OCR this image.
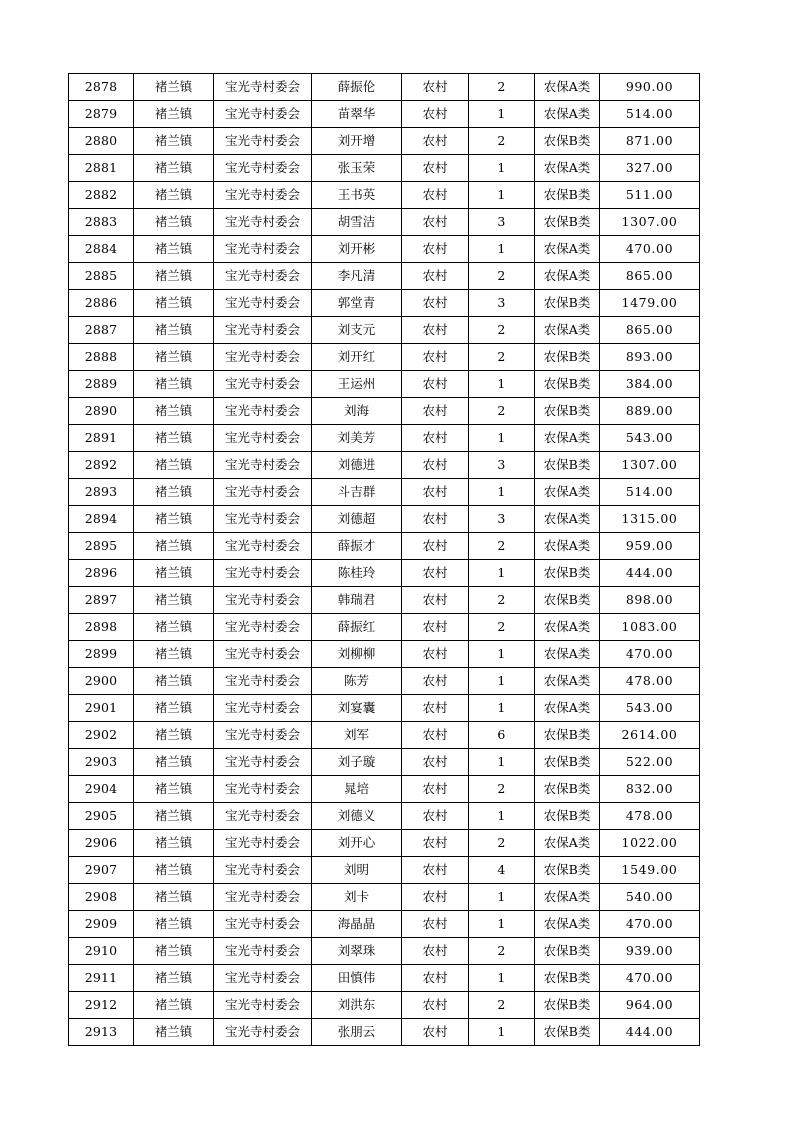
2878	褚兰镇	宝光寺村委会	薛振伦	农村	2	农保A类	990.00
2879	褚兰镇	宝光寺村委会	苗翠华	农村	1	农保A类	514.00
2880	褚兰镇	宝光寺村委会	刘开增	农村	2	农保B类	871.00
2881	褚兰镇	宝光寺村委会	张玉荣	农村	1	农保A类	327.00
2882	褚兰镇	宝光寺村委会	王书英	农村	1	农保B类	511.00
2883	褚兰镇	宝光寺村委会	胡雪洁	农村	3	农保B类	1307.00
2884	褚兰镇	宝光寺村委会	刘开彬	农村	1	农保A类	470.00
2885	褚兰镇	宝光寺村委会	李凡清	农村	2	农保A类	865.00
2886	褚兰镇	宝光寺村委会	郭堂青	农村	3	农保B类	1479.00
2887	褚兰镇	宝光寺村委会	刘支元	农村	2	农保A类	865.00
2888	褚兰镇	宝光寺村委会	刘开红	农村	2	农保B类	893.00
2889	褚兰镇	宝光寺村委会	王运州	农村	1	农保B类	384.00
2890	褚兰镇	宝光寺村委会	刘海	农村	2	农保B类	889.00
2891	褚兰镇	宝光寺村委会	刘美芳	农村	1	农保A类	543.00
2892	褚兰镇	宝光寺村委会	刘德进	农村	3	农保B类	1307.00
2893	褚兰镇	宝光寺村委会	斗吉群	农村	1	农保A类	514.00
2894	褚兰镇	宝光寺村委会	刘德超	农村	3	农保A类	1315.00
2895	褚兰镇	宝光寺村委会	薛振才	农村	2	农保A类	959.00
2896	褚兰镇	宝光寺村委会	陈桂玲	农村	1	农保B类	444.00
2897	褚兰镇	宝光寺村委会	韩瑞君	农村	2	农保B类	898.00
2898	褚兰镇	宝光寺村委会	薛振红	农村	2	农保A类	1083.00
2899	褚兰镇	宝光寺村委会	刘柳柳	农村	1	农保A类	470.00
2900	褚兰镇	宝光寺村委会	陈芳	农村	1	农保A类	478.00
2901	褚兰镇	宝光寺村委会	刘宴囊	农村	1	农保A类	543.00
2902	褚兰镇	宝光寺村委会	刘军	农村	6	农保B类	2614.00
2903	褚兰镇	宝光寺村委会	刘子璇	农村	1	农保B类	522.00
2904	褚兰镇	宝光寺村委会	晁培	农村	2	农保B类	832.00
2905	褚兰镇	宝光寺村委会	刘德义	农村	1	农保B类	478.00
2906	褚兰镇	宝光寺村委会	刘开心	农村	2	农保A类	1022.00
2907	褚兰镇	宝光寺村委会	刘明	农村	4	农保B类	1549.00
2908	褚兰镇	宝光寺村委会	刘卡	农村	1	农保A类	540.00
2909	褚兰镇	宝光寺村委会	海晶晶	农村	1	农保A类	470.00
2910	褚兰镇	宝光寺村委会	刘翠珠	农村	2	农保B类	939.00
2911	褚兰镇	宝光寺村委会	田慎伟	农村	1	农保B类	470.00
2912	褚兰镇	宝光寺村委会	刘洪东	农村	2	农保B类	964.00
2913	褚兰镇	宝光寺村委会	张朋云	农村	1	农保B类	444.00
